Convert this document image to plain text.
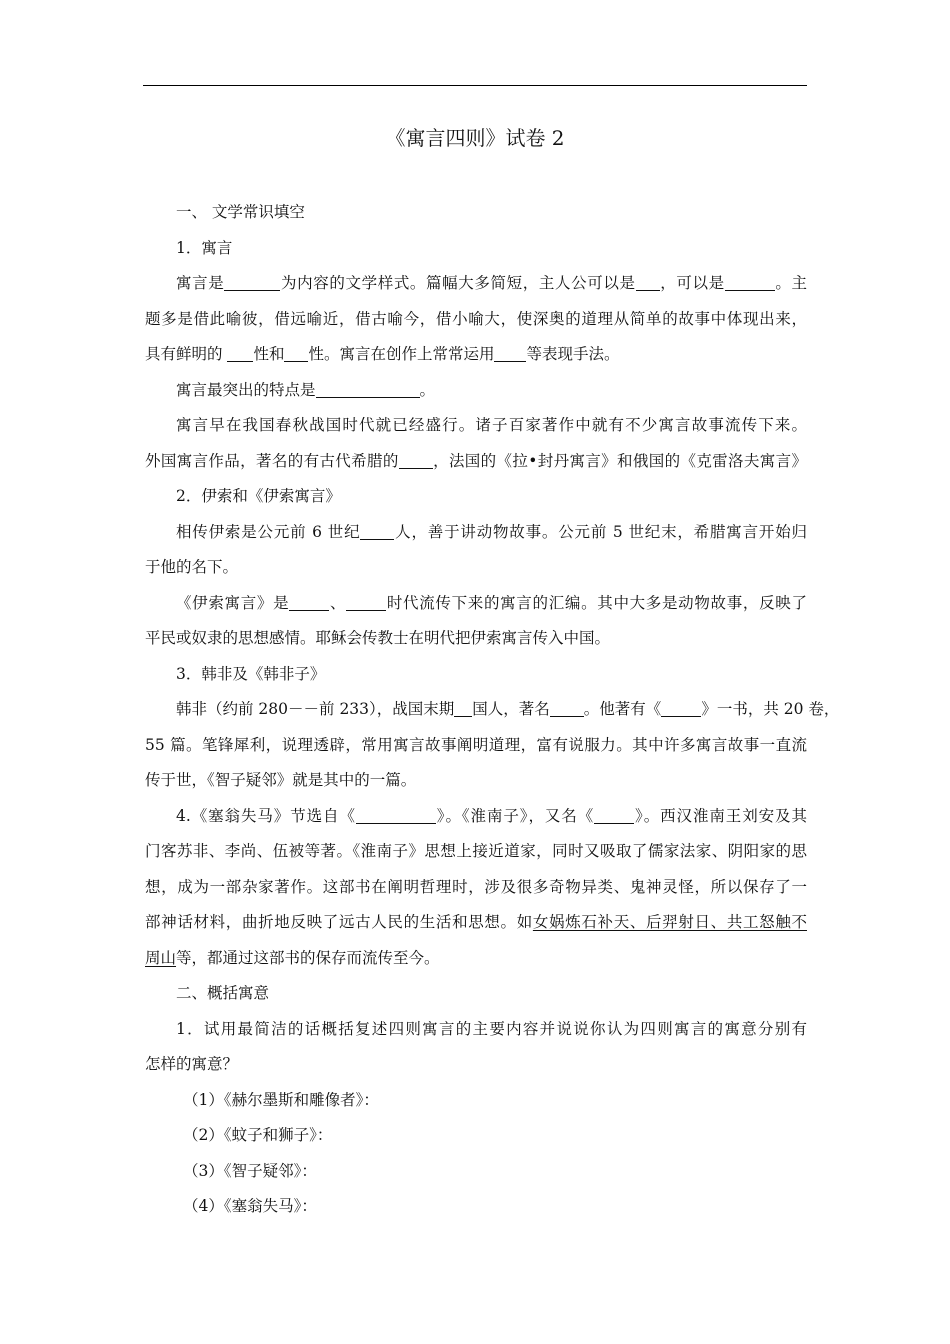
《寓言四则》试卷 2
一、 文学常识填空
1．寓言
寓言是	为内容的文学样式。篇幅大多简短，主人公可以是 ，可以是	。主
题多是借此喻彼，借远喻近，借古喻今，借小喻大，使深奥的道理从简单的故事中体现出来，
具有鲜明的 性和 性。寓言在创作上常常运用 等表现手法。
寓言最突出的特点是	。
寓言早在我国春秋战国时代就已经盛行。诸子百家著作中就有不少寓言故事流传下来。
外国寓言作品，著名的有古代希腊的 ，法国的《拉•封丹寓言》和俄国的《克雷洛夫寓言》
2．伊索和《伊索寓言》
相传伊索是公元前 6 世纪 人，善于讲动物故事。公元前 5 世纪末，希腊寓言开始归
于他的名下。
《伊索寓言》是	、	时代流传下来的寓言的汇编。其中大多是动物故事，反映了
平民或奴隶的思想感情。耶稣会传教士在明代把伊索寓言传入中国。
3．韩非及《韩非子》
韩非（约前 280－－前 233），战国末期 国人，著名 。他著有《	》一书，共 20 卷，
55 篇。笔锋犀利，说理透辟，常用寓言故事阐明道理，富有说服力。其中许多寓言故事一直流
传于世，《智子疑邻》就是其中的一篇。
4.《塞翁失马》节选自《	》。《淮南子》，又名《	》。西汉淮南王刘安及其
门客苏非、李尚、伍被等著。《淮南子》思想上接近道家，同时又吸取了儒家法家、阴阳家的思
想，成为一部杂家著作。这部书在阐明哲理时，涉及很多奇物异类、鬼神灵怪，所以保存了一
部神话材料，曲折地反映了远古人民的生活和思想。如女娲炼石补天、后羿射日、共工怒触不
周山等，都通过这部书的保存而流传至今。
二、概括寓意
1．试用最简洁的话概括复述四则寓言的主要内容并说说你认为四则寓言的寓意分别有
怎样的寓意？
（1）《赫尔墨斯和雕像者》：
（2）《蚊子和狮子》：
（3）《智子疑邻》：
（4）《塞翁失马》：
